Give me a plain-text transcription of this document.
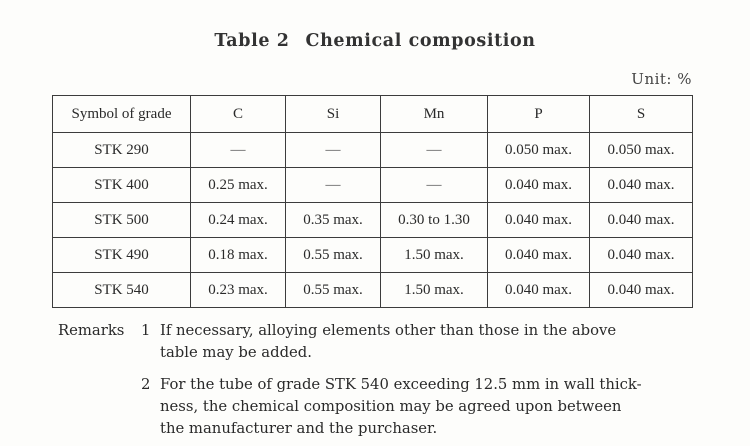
Table 2 Chemical composition
Unit: %
Symbol of grade	C	Si	Mn	P	S
STK 290	—	—	—	0.050 max.	0.050 max.
STK 400	0.25 max.	—	—	0.040 max.	0.040 max.
STK 500	0.24 max.	0.35 max.	0.30 to 1.30	0.040 max.	0.040 max.
STK 490	0.18 max.	0.55 max.	1.50 max.	0.040 max.	0.040 max.
STK 540	0.23 max.	0.55 max.	1.50 max.	0.040 max.	0.040 max.
Remarks 1 If necessary, alloying elements other than those in the above
table may be added.
2 For the tube of grade STK 540 exceeding 12.5 mm in wall thick-
ness, the chemical composition may be agreed upon between
the manufacturer and the purchaser.
